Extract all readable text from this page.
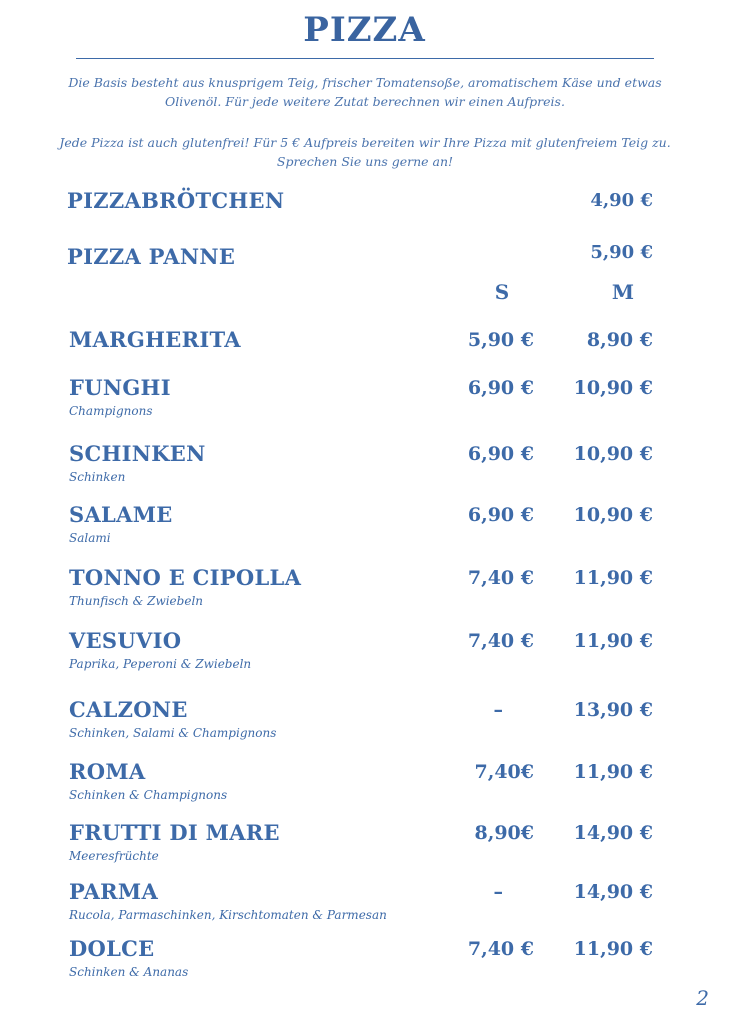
PIZZA
Die Basis besteht aus knusprigem Teig, frischer Tomatensoße, aromatischem Käse und etwas Olivenöl. Für jede weitere Zutat berechnen wir einen Aufpreis.
Jede Pizza ist auch glutenfrei! Für 5 € Aufpreis bereiten wir Ihre Pizza mit glutenfreiem Teig zu. Sprechen Sie uns gerne an!
PIZZABRÖTCHEN	4,90 €
PIZZA PANNE	5,90 €
S	M
MARGHERITA	5,90 €	8,90 €
FUNGHI
Champignons
6,90 € 10,90 €
SCHINKEN
Schinken
6,90 € 10,90 €
SALAME
Salami
6,90 € 10,90 €
TONNO E CIPOLLA
Thunfisch & Zwiebeln
7,40 € 11,90 €
VESUVIO
Paprika, Peperoni & Zwiebeln
7,40 € 11,90 €
CALZONE
Schinken, Salami & Champignons
–	13,90 €
ROMA
Schinken & Champignons
7,40€ 11,90 €
FRUTTI DI MARE
Meeresfrüchte
8,90€ 14,90 €
PARMA
Rucola, Parmaschinken, Kirschtomaten & Parmesan
–	14,90 €
DOLCE
Schinken & Ananas
7,40 € 11,90 €
2
